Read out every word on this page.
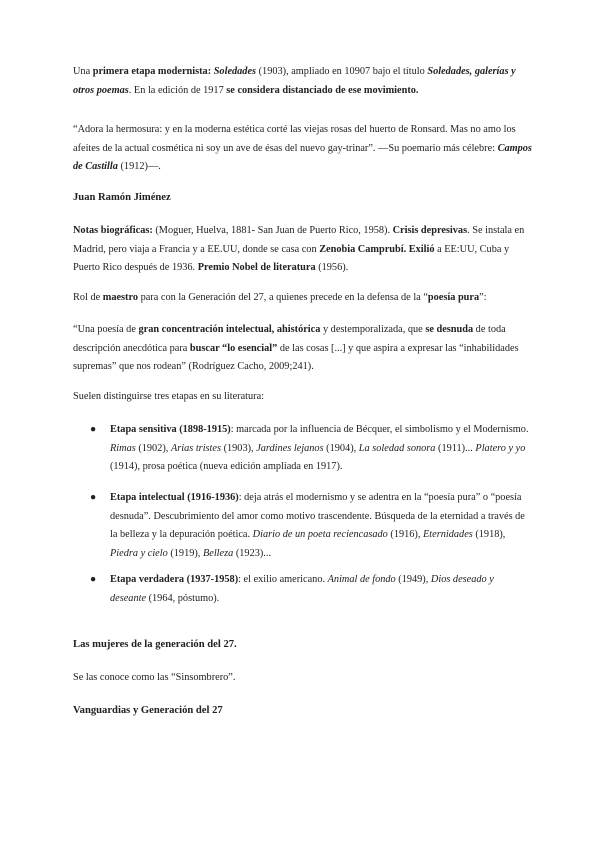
Una primera etapa modernista: Soledades (1903), ampliado en 10907 bajo el título Soledades, galerías y otros poemas. En la edición de 1917 se considera distanciado de ese movimiento.

“Adora la hermosura: y en la moderna estética corté las viejas rosas del huerto de Ronsard. Mas no amo los afeites de la actual cosmética ni soy un ave de ésas del nuevo gay-trinar”. —Su poemario más célebre: Campos de Castilla (1912)—.

Juan Ramón Jiménez

Notas biográficas: (Moguer, Huelva, 1881- San Juan de Puerto Rico, 1958). Crisis depresivas. Se instala en Madrid, pero viaja a Francia y a EE.UU, donde se casa con Zenobia Camprubí. Exilió a EE:UU, Cuba y Puerto Rico después de 1936. Premio Nobel de literatura (1956).

Rol de maestro para con la Generación del 27, a quienes precede en la defensa de la “poesía pura”:

“Una poesía de gran concentración intelectual, ahistórica y destemporalizada, que se desnuda de toda descripción anecdótica para buscar “lo esencial” de las cosas [...] y que aspira a expresar las “inhabilidades supremas” que nos rodean” (Rodríguez Cacho, 2009;241).

Suelen distinguirse tres etapas en su literatura:

● Etapa sensitiva (1898-1915): marcada por la influencia de Bécquer, el simbolismo y el Modernismo. Rimas (1902), Arias tristes (1903), Jardines lejanos (1904), La soledad sonora (1911)... Platero y yo (1914), prosa poética (nueva edición ampliada en 1917).
● Etapa intelectual (1916-1936): deja atrás el modernismo y se adentra en la “poesía pura” o “poesía desnuda”. Descubrimiento del amor como motivo trascendente. Búsqueda de la eternidad a través de la belleza y la depuración poética. Diario de un poeta reciencasado (1916), Eternidades (1918), Piedra y cielo (1919), Belleza (1923)...
● Etapa verdadera (1937-1958): el exilio americano. Animal de fondo (1949), Dios deseado y deseante (1964, póstumo).

Las mujeres de la generación del 27.

Se las conoce como las “Sinsombrero”.

Vanguardias y Generación del 27
